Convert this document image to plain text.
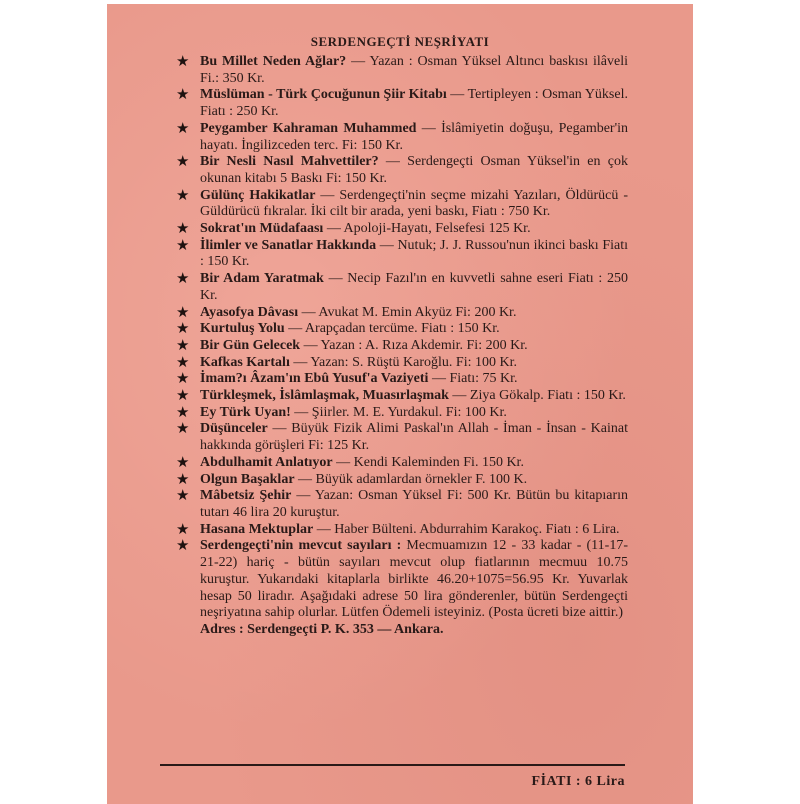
SERDENGEÇTİ NEŞRİYATI

★ Bu Millet Neden Ağlar? — Yazan : Osman Yüksel Altıncı baskısı ilâveli Fi.: 350 Kr.

★ Müslüman - Türk Çocuğunun Şiir Kitabı — Tertipleyen : Osman Yüksel. Fiatı : 250 Kr.

★ Peygamber Kahraman Muhammed — İslâmiyetin doğuşu, Pegamber'in hayatı. İngilizceden terc. Fi: 150 Kr.

★ Bir Nesli Nasıl Mahvettiler? — Serdengeçti Osman Yüksel'in en çok okunan kitabı 5 Baskı Fi: 150 Kr.

★ Gülünç Hakikatlar — Serdengeçti'nin seçme mizahi Yazıları, Öldürücü - Güldürücü fıkralar. İki cilt bir arada, yeni baskı, Fiatı : 750 Kr.

★ Sokrat'ın Müdafaası — Apoloji-Hayatı, Felsefesi 125 Kr.

★ İlimler ve Sanatlar Hakkında — Nutuk; J. J. Russou'nun ikinci baskı Fiatı : 150 Kr.

★ Bir Adam Yaratmak — Necip Fazıl'ın en kuvvetli sahne eseri Fiatı : 250 Kr.

★ Ayasofya Dâvası — Avukat M. Emin Akyüz Fi: 200 Kr.

★ Kurtuluş Yolu — Arapçadan tercüme. Fiatı : 150 Kr.

★ Bir Gün Gelecek — Yazan : A. Rıza Akdemir. Fi: 200 Kr.

★ Kafkas Kartalı — Yazan: S. Rüştü Karoğlu. Fi: 100 Kr.

★ İmam?ı Âzam'ın Ebû Yusuf'a Vaziyeti — Fiatı: 75 Kr.

★ Türkleşmek, İslâmlaşmak, Muasırlaşmak — Ziya Gökalp. Fiatı : 150 Kr.

★ Ey Türk Uyan! — Şiirler. M. E. Yurdakul. Fi: 100 Kr.

★ Düşünceler — Büyük Fizik Alimi Paskal'ın Allah - İman - İnsan - Kainat hakkında görüşleri Fi: 125 Kr.

★ Abdulhamit Anlatıyor — Kendi Kaleminden Fi. 150 Kr.

★ Olgun Başaklar — Büyük adamlardan örnekler F. 100 K.

★ Mâbetsiz Şehir — Yazan: Osman Yüksel Fi: 500 Kr. Bütün bu kitapıarın tutarı 46 lira 20 kuruştur.

★ Hasana Mektuplar — Haber Bülteni. Abdurrahim Karakoç. Fiatı : 6 Lira.

★ Serdengeçti'nin mevcut sayıları : Mecmuamızın 12 - 33 kadar - (11-17-21-22) hariç - bütün sayıları mevcut olup fiatlarının mecmuu 10.75 kuruştur. Yukarıdaki kitaplarla birlikte 46.20+1075=56.95 Kr. Yuvarlak hesap 50 liradır. Aşağıdaki adrese 50 lira gönderenler, bütün Serdengeçti neşriyatına sahip olurlar. Lütfen Ödemeli isteyiniz. (Posta ücreti bize aittir.)

Adres : Serdengeçti P. K. 353 — Ankara.
FİATI : 6 Lira
